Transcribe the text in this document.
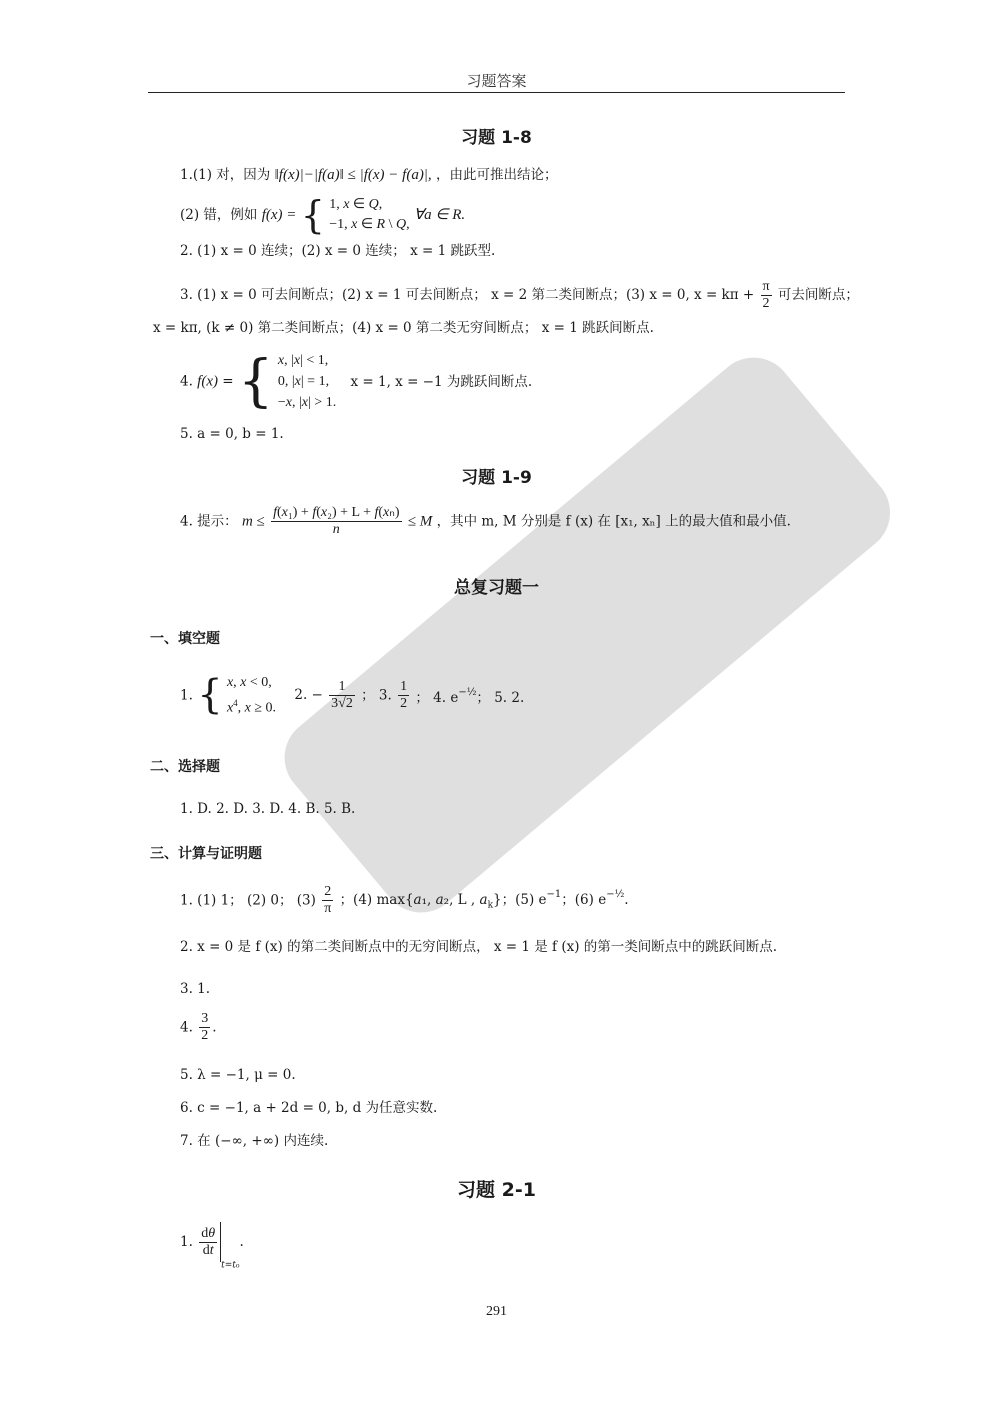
习题答案
习题 1-8
1.(1) 对，因为 ‖f(x)|−|f(a)‖ ≤ |f(x) − f(a)|, ，由此可推出结论；
(2) 错，例如 f(x) = { 1, x ∈ Q,
−1, x ∈ R \ Q, ∀a ∈ R.
2. (1) x = 0 连续；(2) x = 0 连续； x = 1 跳跃型.
3. (1) x = 0 可去间断点；(2) x = 1 可去间断点； x = 2 第二类间断点；(3) x = 0, $x = k\pi + \frac{\pi}{2}$ 可去间断点；
x = kπ, (k ≠ 0) 第二类间断点；(4) x = 0 第二类无穷间断点； x = 1 跳跃间断点.
4. f(x) = { x, |x| < 1,
0, |x| = 1,
−x, |x| > 1. x = 1, x = −1 为跳跃间断点.
5. a = 0, b = 1.
习题 1-9
4. 提示： $m \le \frac{\text{f(x₁) + f(x₂) + L + f(xₙ)}}{n} \le M$ ，其中 m, M 分别是 f (x) 在 [x₁, xₙ] 上的最大值和最小值.
总复习题一
一、填空题
1. { x, x < 0,
$x^4$, x ≥ 0. 2. − $\frac{1}{3√2}$ ； 3. $\frac{1}{2}$ ； 4. $e^{-\frac{1}{2}}$； 5. 2.
二、选择题
1. D. 2. D. 3. D. 4. B. 5. B.
三、计算与证明题
1. (1) 1； (2) 0； $(3) \frac{2}{\pi}$ ；(4) max{a₁, a₂, L , $a_k$}；(5) $e^{-1}$；(6) $e^{-\frac{1}{2}}$.
2. x = 0 是 f (x) 的第二类间断点中的无穷间断点， x = 1 是 f (x) 的第一类间断点中的跳跃间断点.
3. 1.
4. $\frac{3}{2}$ .
5. λ = −1, μ = 0.
6. c = −1, a + 2d = 0, b, d 为任意实数.
7. 在 (−∞, +∞) 内连续.
习题 2-1
1. $\frac{d\theta}{dt}$
$_{t=t_0}$.
291
